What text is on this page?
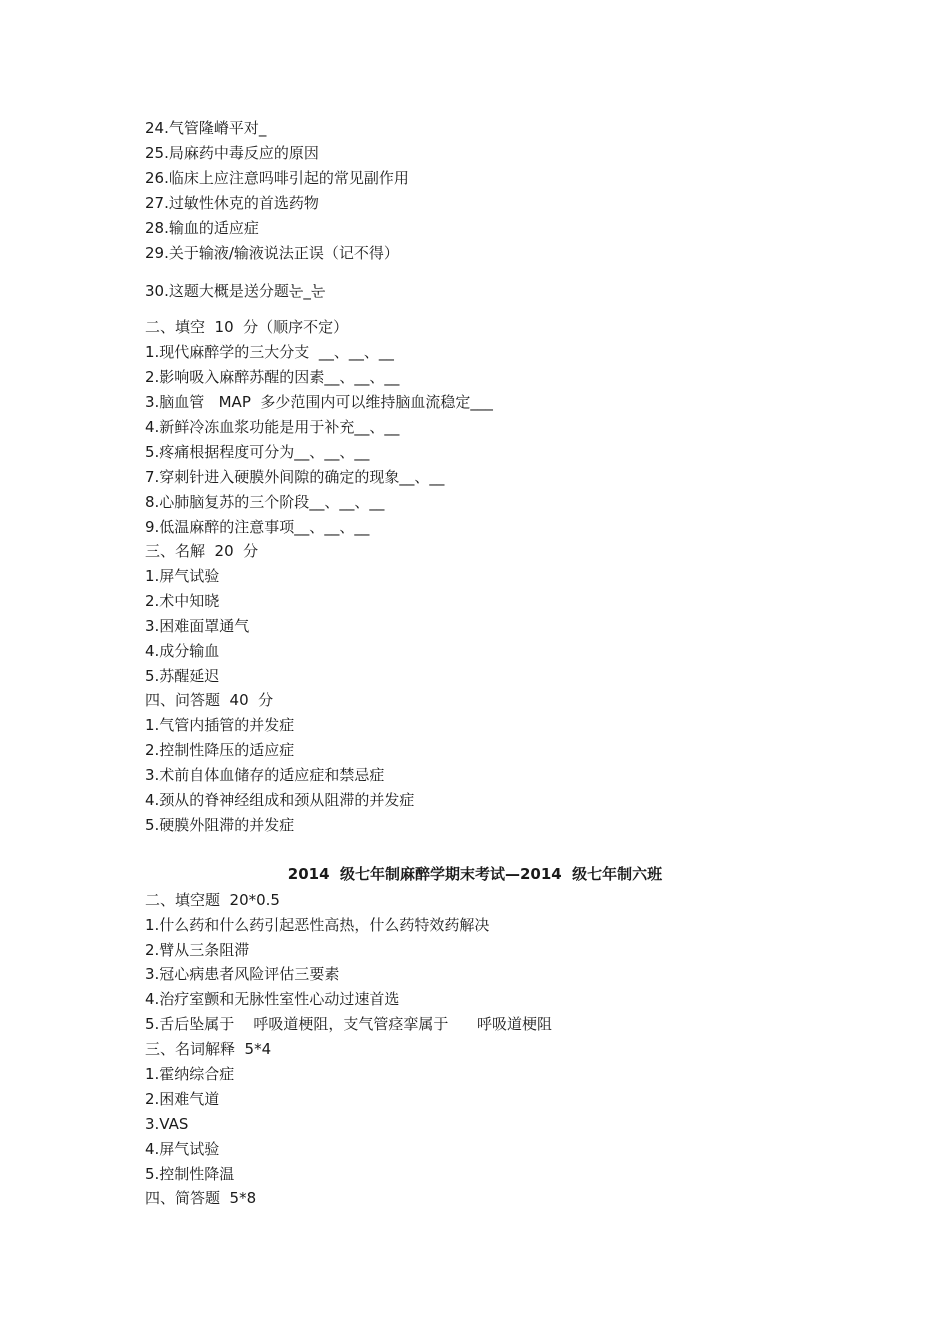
24.气管隆嵴平对_
25.局麻药中毒反应的原因
26.临床上应注意吗啡引起的常见副作用
27.过敏性休克的首选药物
28.输血的适应症
29.关于输液/输液说法正误（记不得）
30.这题大概是送分题눈_눈
二、填空  10  分（顺序不定）
1.现代麻醉学的三大分支  __、__、__
2.影响吸入麻醉苏醒的因素__、__、__
3.脑血管   MAP  多少范围内可以维持脑血流稳定___
4.新鲜冷冻血浆功能是用于补充__、__
5.疼痛根据程度可分为__、__、__
7.穿刺针进入硬膜外间隙的确定的现象__、__
8.心肺脑复苏的三个阶段__、__、__
9.低温麻醉的注意事项__、__、__
三、名解  20  分
1.屏气试验
2.术中知晓
3.困难面罩通气
4.成分输血
5.苏醒延迟
四、问答题  40  分
1.气管内插管的并发症
2.控制性降压的适应症
3.术前自体血储存的适应症和禁忌症
4.颈从的脊神经组成和颈从阻滞的并发症
5.硬膜外阻滞的并发症
2014  级七年制麻醉学期末考试—2014  级七年制六班
二、填空题  20*0.5
1.什么药和什么药引起恶性高热，什么药特效药解决
2.臂从三条阻滞
3.冠心病患者风险评估三要素
4.治疗室颤和无脉性室性心动过速首选
5.舌后坠属于    呼吸道梗阻，支气管痉挛属于      呼吸道梗阻
三、名词解释  5*4
1.霍纳综合症
2.困难气道
3.VAS
4.屏气试验
5.控制性降温
四、简答题  5*8
